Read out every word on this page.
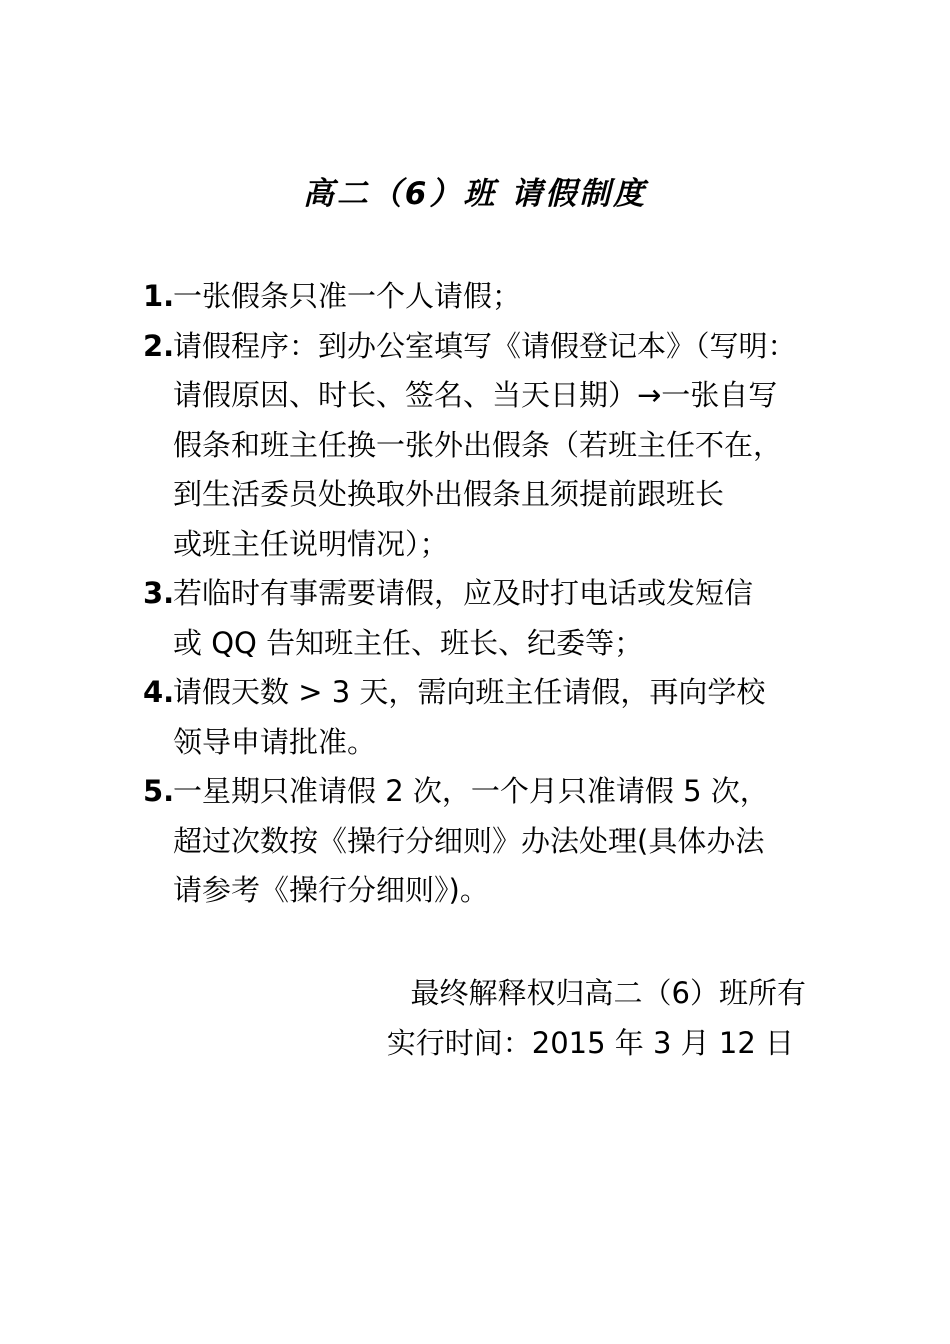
高二（6）班 请假制度
1.
一张假条只准一个人请假；
2.
请假程序：到办公室填写《请假登记本》（写明：
请假原因、时长、签名、当天日期）→一张自写
假条和班主任换一张外出假条（若班主任不在，
到生活委员处换取外出假条且须提前跟班长
或班主任说明情况）；
3.
若临时有事需要请假，应及时打电话或发短信
或 QQ 告知班主任、班长、纪委等；
4.
请假天数 > 3 天，需向班主任请假，再向学校
领导申请批准。
5.
一星期只准请假 2 次，一个月只准请假 5 次，
超过次数按《操行分细则》办法处理(具体办法
请参考《操行分细则》)。
最终解释权归高二（6）班所有
实行时间：2015 年 3 月 12 日
